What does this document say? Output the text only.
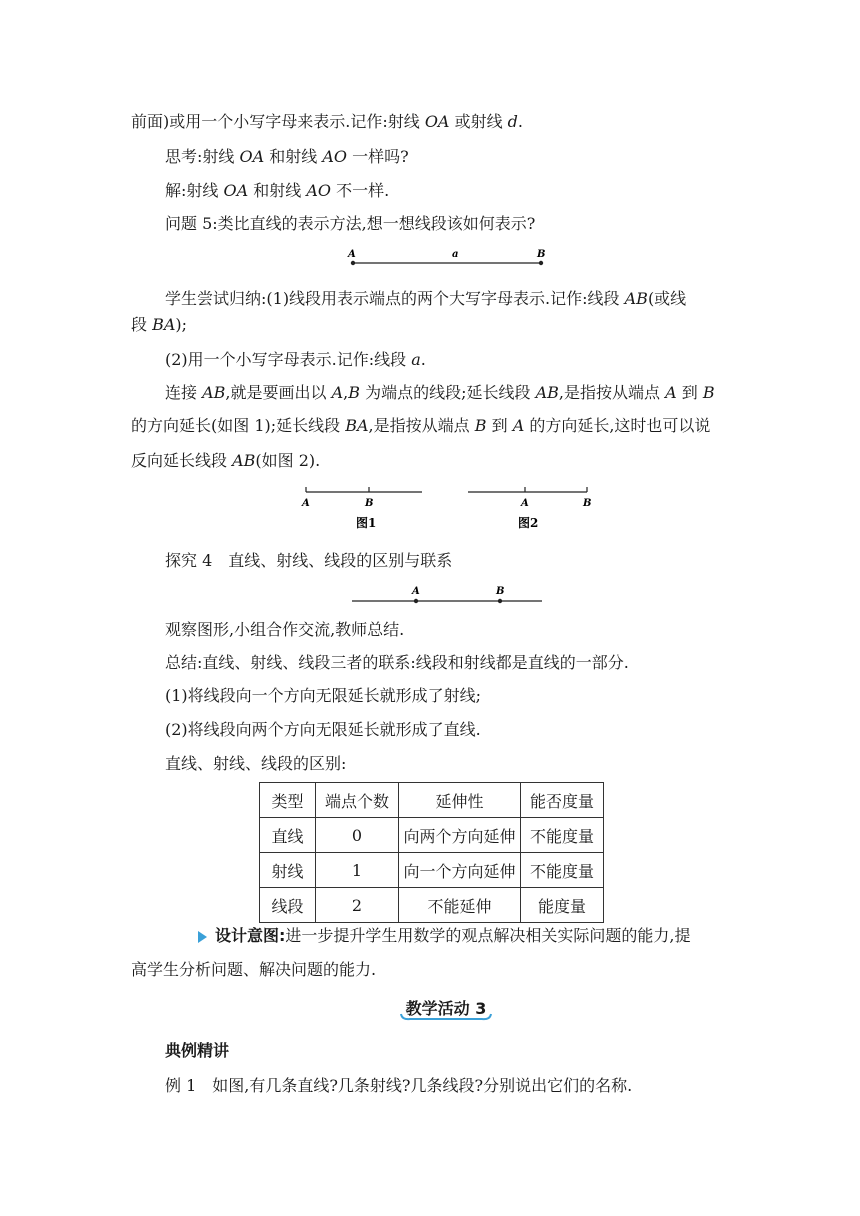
前面)或用一个小写字母来表示.记作:射线 OA 或射线 d.
思考:射线 OA 和射线 AO 一样吗?
解:射线 OA 和射线 AO 不一样.
问题 5:类比直线的表示方法,想一想线段该如何表示?
A	a	B
学生尝试归纳:(1)线段用表示端点的两个大写字母表示.记作:线段 AB(或线
段 BA);
(2)用一个小写字母表示.记作:线段 a.
连接 AB,就是要画出以 A,B 为端点的线段;延长线段 AB,是指按从端点 A 到 B
的方向延长(如图 1);延长线段 BA,是指按从端点 B 到 A 的方向延长,这时也可以说
反向延长线段 AB(如图 2).
A	B
图1
A	B
图2
探究 4　直线、射线、线段的区别与联系
A	B
观察图形,小组合作交流,教师总结.
总结:直线、射线、线段三者的联系:线段和射线都是直线的一部分.
(1)将线段向一个方向无限延长就形成了射线;
(2)将线段向两个方向无限延长就形成了直线.
直线、射线、线段的区别:
类型	端点个数	延伸性	能否度量
直线	0	向两个方向延伸	不能度量
射线	1	向一个方向延伸	不能度量
线段	2	不能延伸	能度量
设计意图:进一步提升学生用数学的观点解决相关实际问题的能力,提
高学生分析问题、解决问题的能力.
教学活动 3
典例精讲
例 1　如图,有几条直线?几条射线?几条线段?分别说出它们的名称.
